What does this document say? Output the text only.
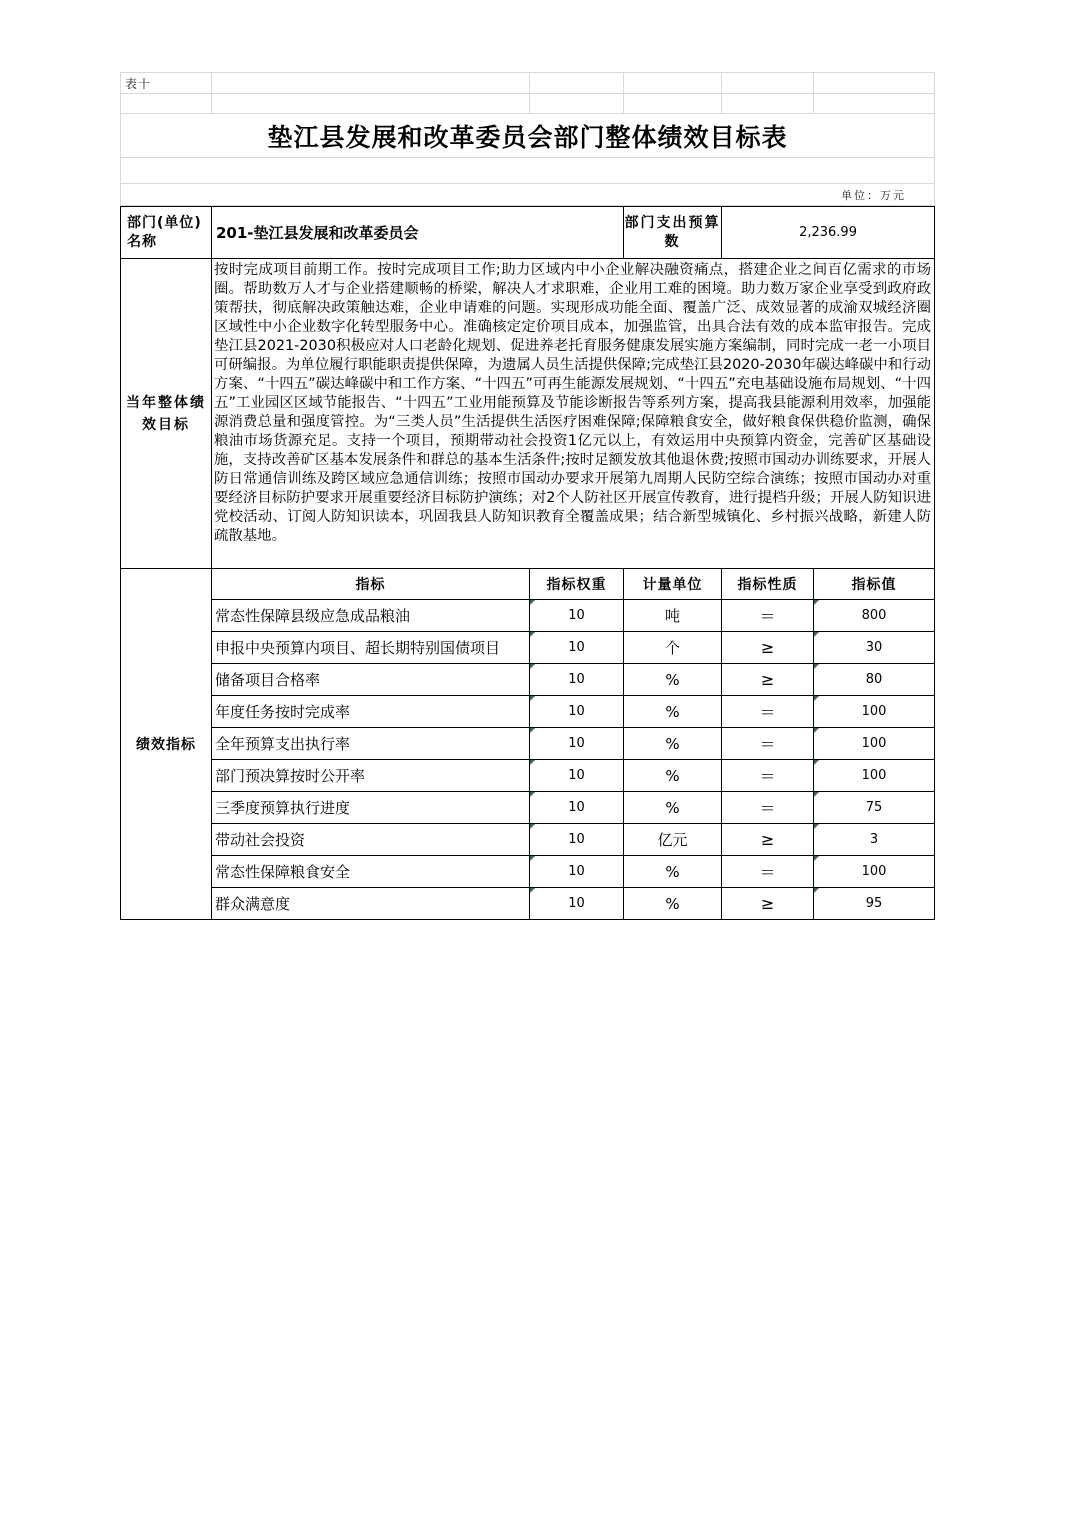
表十					

垫江县发展和改革委员会部门整体绩效目标表					

单位：万元					
部门(单位)名称	201-垫江县发展和改革委员会		部门支出预算数	2,236.99	
当年整体绩效目标	按时完成项目前期工作。按时完成项目工作;助力区域内中小企业解决融资痛点，搭建企业之间百亿需求的市场圈。帮助数万人才与企业搭建顺畅的桥梁，解决人才求职难，企业用工难的困境。助力数万家企业享受到政府政策帮扶，彻底解决政策触达难，企业申请难的问题。实现形成功能全面、覆盖广泛、成效显著的成渝双城经济圈区域性中小企业数字化转型服务中心。准确核定定价项目成本，加强监管，出具合法有效的成本监审报告。完成垫江县2021-2030积极应对人口老龄化规划、促进养老托育服务健康发展实施方案编制，同时完成一老一小项目可研编报。为单位履行职能职责提供保障，为遗属人员生活提供保障;完成垫江县2020-2030年碳达峰碳中和行动方案、“十四五”碳达峰碳中和工作方案、“十四五”可再生能源发展规划、“十四五”充电基础设施布局规划、“十四五”工业园区区域节能报告、“十四五”工业用能预算及节能诊断报告等系列方案，提高我县能源利用效率，加强能源消费总量和强度管控。为“三类人员”生活提供生活医疗困难保障;保障粮食安全，做好粮食保供稳价监测，确保粮油市场货源充足。支持一个项目，预期带动社会投资1亿元以上，有效运用中央预算内资金，完善矿区基础设施，支持改善矿区基本发展条件和群总的基本生活条件;按时足额发放其他退休费;按照市国动办训练要求，开展人防日常通信训练及跨区域应急通信训练；按照市国动办要求开展第九周期人民防空综合演练；按照市国动办对重要经济目标防护要求开展重要经济目标防护演练；对2个人防社区开展宣传教育，进行提档升级；开展人防知识进党校活动、订阅人防知识读本，巩固我县人防知识教育全覆盖成果；结合新型城镇化、乡村振兴战略，新建人防疏散基地。				
绩效指标	指标	指标权重	计量单位	指标性质	指标值
	常态性保障县级应急成品粮油	10	吨	＝	800
	申报中央预算内项目、超长期特别国债项目	10	个	≥	30
	储备项目合格率	10	%	≥	80
	年度任务按时完成率	10	%	＝	100
	全年预算支出执行率	10	%	＝	100
	部门预决算按时公开率	10	%	＝	100
	三季度预算执行进度	10	%	＝	75
	带动社会投资	10	亿元	≥	3
	常态性保障粮食安全	10	%	＝	100
	群众满意度	10	%	≥	95
